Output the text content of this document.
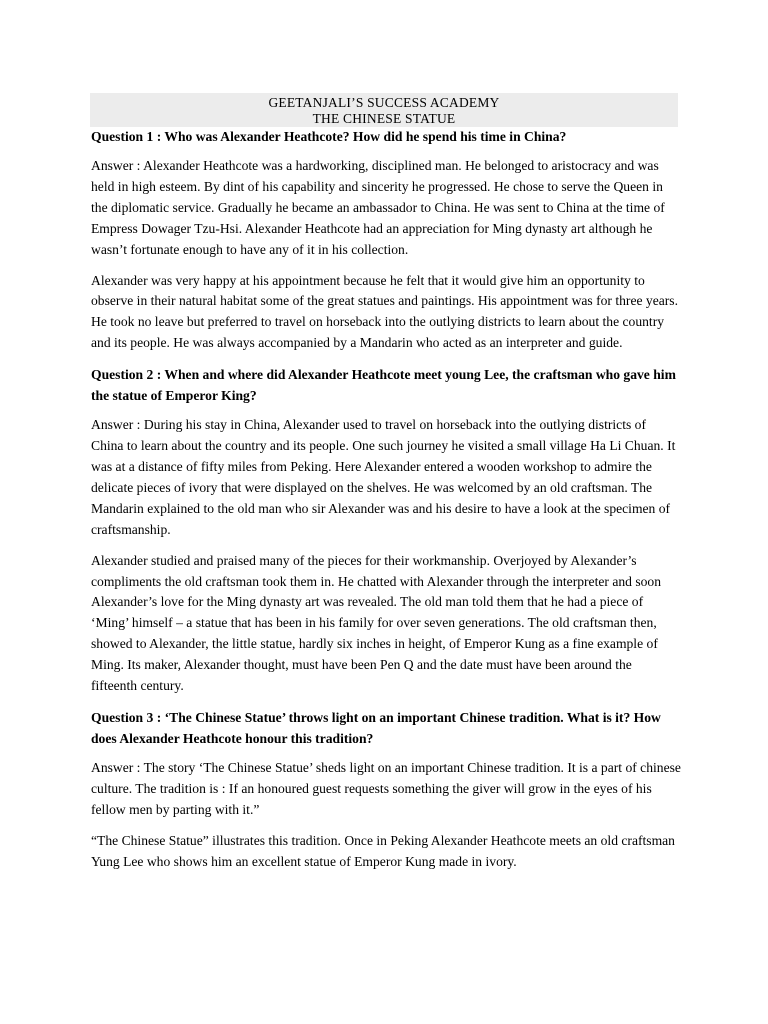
GEETANJALI’S SUCCESS ACADEMY
THE CHINESE STATUE
Question 1 : Who was Alexander Heathcote? How did he spend his time in China?
Answer : Alexander Heathcote was a hardworking, disciplined man. He belonged to aristocracy and was held in high esteem. By dint of his capability and sincerity he progressed. He chose to serve the Queen in the diplomatic service. Gradually he became an ambassador to China. He was sent to China at the time of Empress Dowager Tzu-Hsi. Alexander Heathcote had an appreciation for Ming dynasty art although he wasn’t fortunate enough to have any of it in his collection.
Alexander was very happy at his appointment because he felt that it would give him an opportunity to observe in their natural habitat some of the great statues and paintings. His appointment was for three years. He took no leave but preferred to travel on horseback into the outlying districts to learn about the country and its people. He was always accompanied by a Mandarin who acted as an interpreter and guide.
Question 2 : When and where did Alexander Heathcote meet young Lee, the craftsman who gave him the statue of Emperor King?
Answer : During his stay in China, Alexander used to travel on horseback into the outlying districts of China to learn about the country and its people. One such journey he visited a small village Ha Li Chuan. It was at a distance of fifty miles from Peking. Here Alexander entered a wooden workshop to admire the delicate pieces of ivory that were displayed on the shelves. He was welcomed by an old craftsman. The Mandarin explained to the old man who sir Alexander was and his desire to have a look at the specimen of craftsmanship.
Alexander studied and praised many of the pieces for their workmanship. Overjoyed by Alexander’s compliments the old craftsman took them in. He chatted with Alexander through the interpreter and soon Alexander’s love for the Ming dynasty art was revealed. The old man told them that he had a piece of ‘Ming’ himself – a statue that has been in his family for over seven generations. The old craftsman then, showed to Alexander, the little statue, hardly six inches in height, of Emperor Kung as a fine example of Ming. Its maker, Alexander thought, must have been Pen Q and the date must have been around the fifteenth century.
Question 3 : ‘The Chinese Statue’ throws light on an important Chinese tradition. What is it? How does Alexander Heathcote honour this tradition?
Answer : The story ‘The Chinese Statue’ sheds light on an important Chinese tradition. It is a part of chinese culture. The tradition is : If an honoured guest requests something the giver will grow in the eyes of his fellow men by parting with it.”
“The Chinese Statue” illustrates this tradition. Once in Peking Alexander Heathcote meets an old craftsman Yung Lee who shows him an excellent statue of Emperor Kung made in ivory.
